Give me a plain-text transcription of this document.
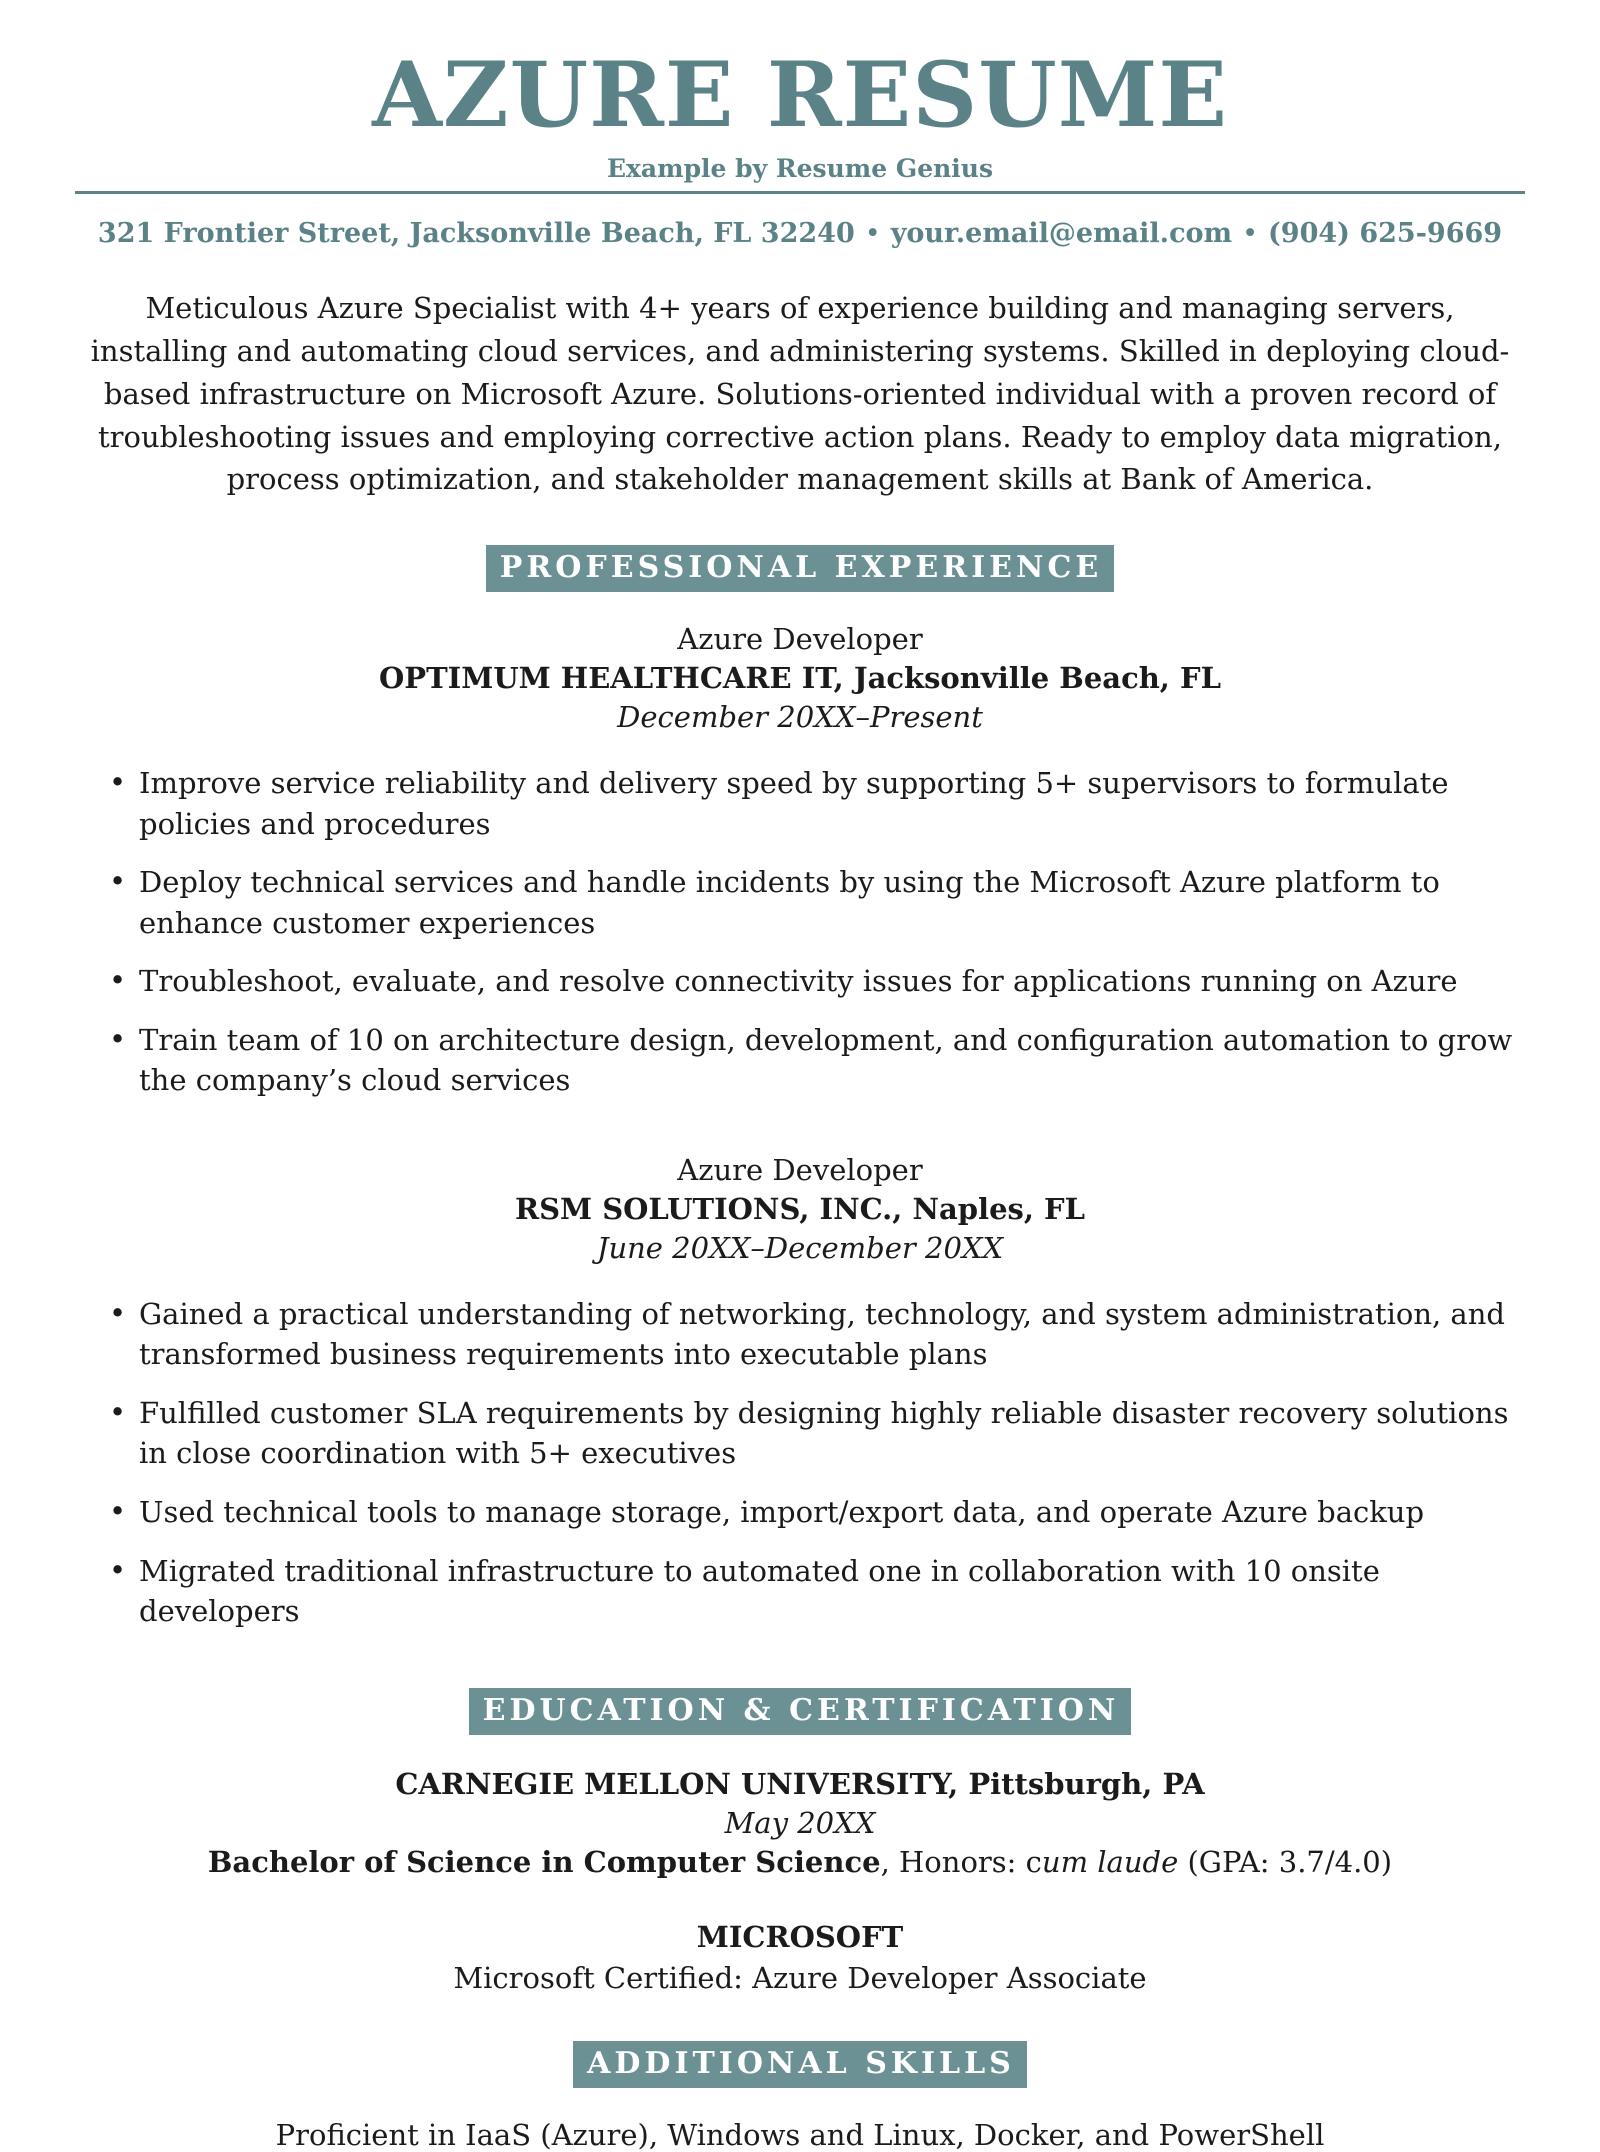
AZURE RESUME
Example by Resume Genius
321 Frontier Street, Jacksonville Beach, FL 32240 • your.email@email.com • (904) 625-9669
Meticulous Azure Specialist with 4+ years of experience building and managing servers, installing and automating cloud services, and administering systems. Skilled in deploying cloud-based infrastructure on Microsoft Azure. Solutions-oriented individual with a proven record of troubleshooting issues and employing corrective action plans. Ready to employ data migration, process optimization, and stakeholder management skills at Bank of America.
PROFESSIONAL EXPERIENCE
Azure Developer
OPTIMUM HEALTHCARE IT, Jacksonville Beach, FL
December 20XX–Present
• Improve service reliability and delivery speed by supporting 5+ supervisors to formulate policies and procedures
• Deploy technical services and handle incidents by using the Microsoft Azure platform to enhance customer experiences
• Troubleshoot, evaluate, and resolve connectivity issues for applications running on Azure
• Train team of 10 on architecture design, development, and configuration automation to grow the company’s cloud services
Azure Developer
RSM SOLUTIONS, INC., Naples, FL
June 20XX–December 20XX
• Gained a practical understanding of networking, technology, and system administration, and transformed business requirements into executable plans
• Fulfilled customer SLA requirements by designing highly reliable disaster recovery solutions in close coordination with 5+ executives
• Used technical tools to manage storage, import/export data, and operate Azure backup
• Migrated traditional infrastructure to automated one in collaboration with 10 onsite developers
EDUCATION & CERTIFICATION
CARNEGIE MELLON UNIVERSITY, Pittsburgh, PA
May 20XX
Bachelor of Science in Computer Science, Honors: cum laude (GPA: 3.7/4.0)
MICROSOFT
Microsoft Certified: Azure Developer Associate
ADDITIONAL SKILLS
Proficient in IaaS (Azure), Windows and Linux, Docker, and PowerShell
